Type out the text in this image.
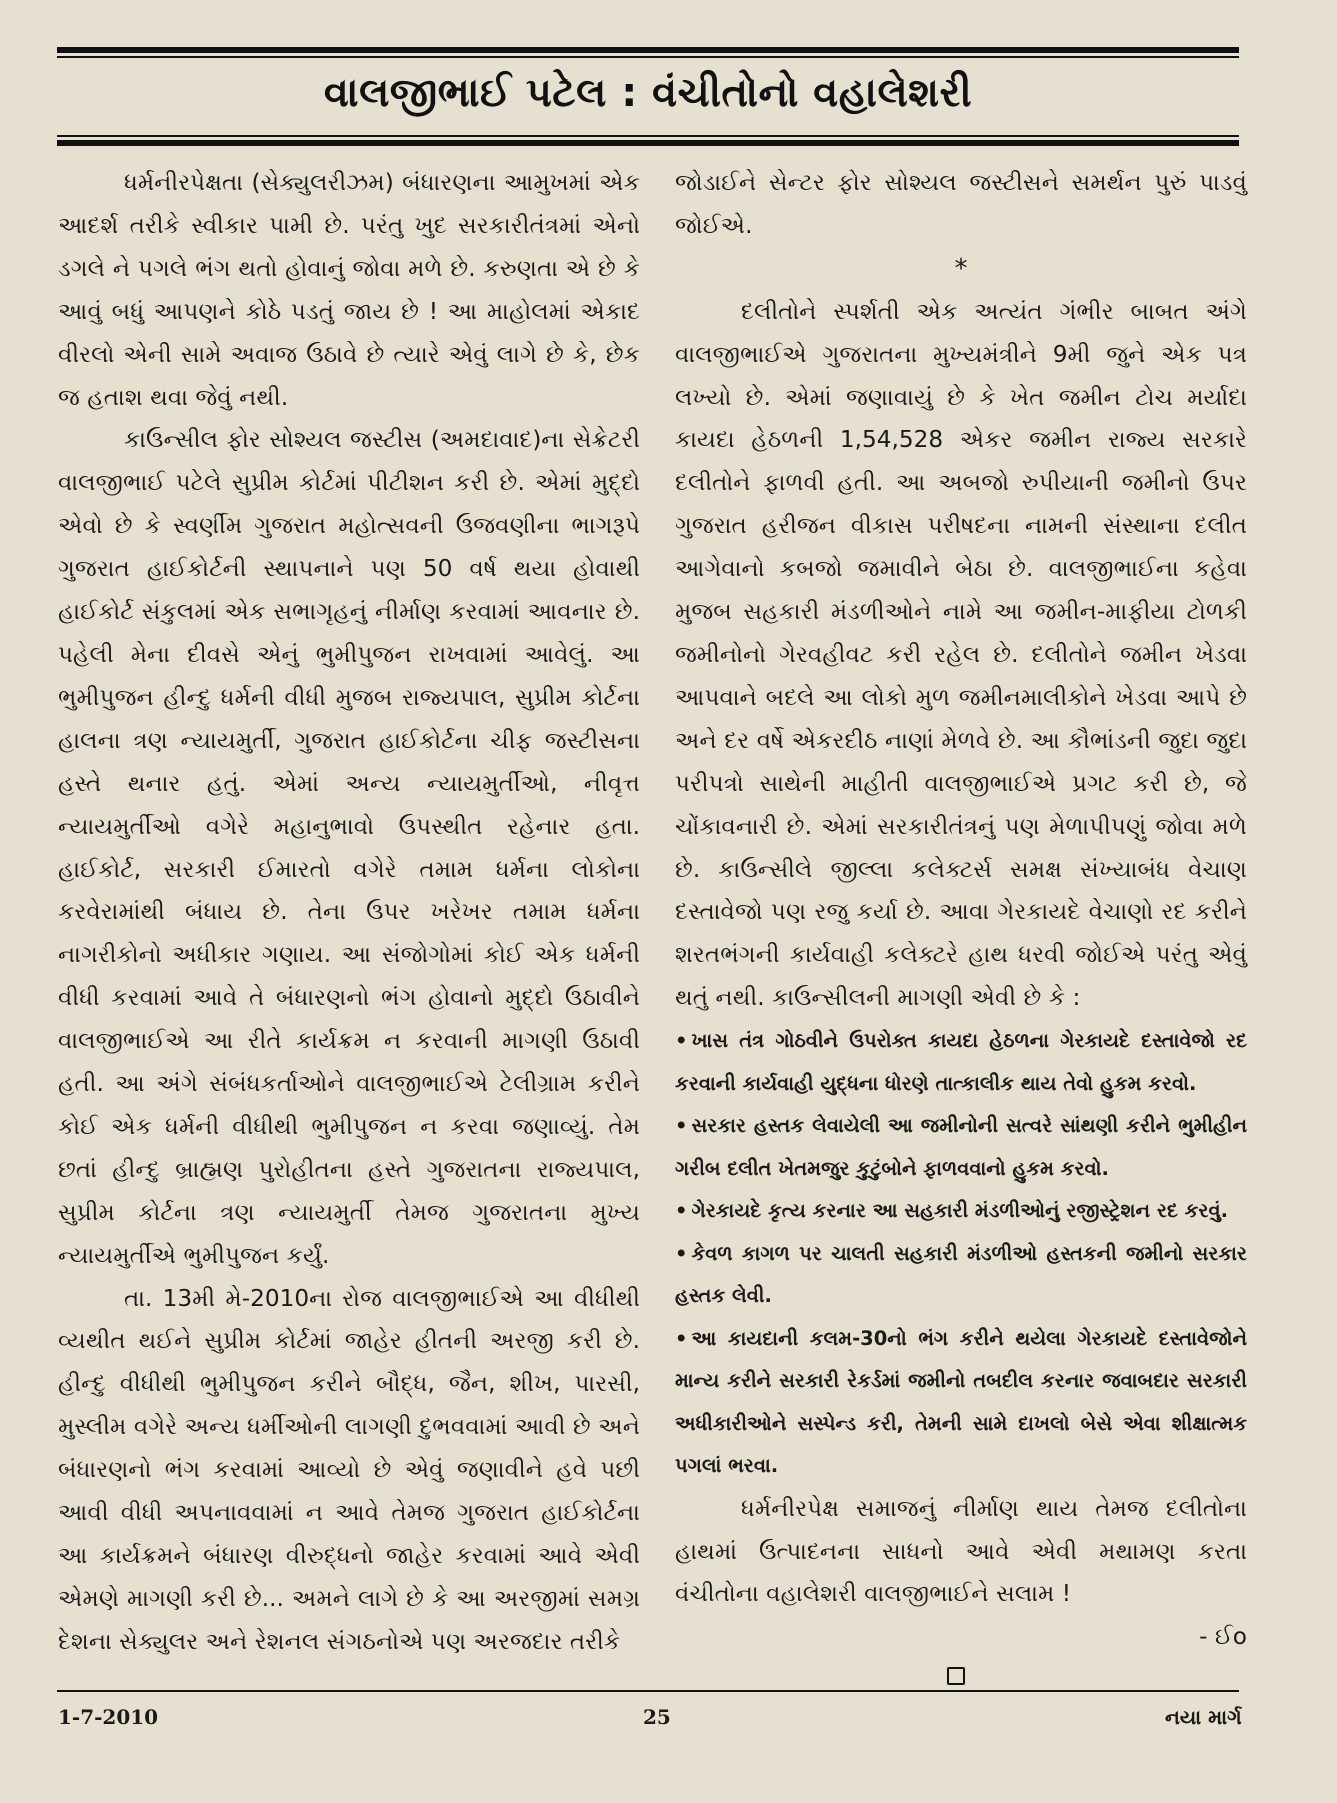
વાલજીભાઈ પટેલ : વંચીતોનો વહાલેશરી

ધર્મનીરપેક્ષતા (સેક્યુલરીઝમ) બંધારણના આમુખમાં એક આદર્શ તરીકે સ્વીકાર પામી છે. પરંતુ ખુદ સરકારીતંત્રમાં એનો ડગલે ને પગલે ભંગ થતો હોવાનું જોવા મળે છે. કરુણતા એ છે કે આવું બધું આપણને કોઠે પડતું જાય છે ! આ માહોલમાં એકાદ વીરલો એની સામે અવાજ ઉઠાવે છે ત્યારે એવું લાગે છે કે, છેક જ હતાશ થવા જેવું નથી.

કાઉન્સીલ ફોર સોશ્યલ જસ્ટીસ (અમદાવાદ)ના સેક્રેટરી વાલજીભાઈ પટેલે સુપ્રીમ કોર્ટમાં પીટીશન કરી છે. એમાં મુદ્દો એવો છે કે સ્વર્ણીમ ગુજરાત મહોત્સવની ઉજવણીના ભાગરૂપે ગુજરાત હાઈકોર્ટની સ્થાપનાને પણ 50 વર્ષ થયા હોવાથી હાઈકોર્ટ સંકુલમાં એક સભાગૃહનું નીર્માણ કરવામાં આવનાર છે. પહેલી મેના દીવસે એનું ભુમીપુજન રાખવામાં આવેલું. આ ભુમીપુજન હીન્દુ ધર્મની વીધી મુજબ રાજ્યપાલ, સુપ્રીમ કોર્ટના હાલના ત્રણ ન્યાયમુર્તી, ગુજરાત હાઈકોર્ટના ચીફ જસ્ટીસના હસ્તે થનાર હતું. એમાં અન્ય ન્યાયમુર્તીઓ, નીવૃત્ત ન્યાયમુર્તીઓ વગેરે મહાનુભાવો ઉપસ્થીત રહેનાર હતા. હાઈકોર્ટ, સરકારી ઈમારતો વગેરે તમામ ધર્મના લોકોના કરવેરામાંથી બંધાય છે. તેના ઉપર ખરેખર તમામ ધર્મના નાગરીકોનો અધીકાર ગણાય. આ સંજોગોમાં કોઈ એક ધર્મની વીધી કરવામાં આવે તે બંધારણનો ભંગ હોવાનો મુદ્દો ઉઠાવીને વાલજીભાઈએ આ રીતે કાર્યક્રમ ન કરવાની માગણી ઉઠાવી હતી. આ અંગે સંબંધકર્તાઓને વાલજીભાઈએ ટેલીગ્રામ કરીને કોઈ એક ધર્મની વીધીથી ભુમીપુજન ન કરવા જણાવ્યું. તેમ છતાં હીન્દુ બ્રાહ્મણ પુરોહીતના હસ્તે ગુજરાતના રાજ્યપાલ, સુપ્રીમ કોર્ટના ત્રણ ન્યાયમુર્તી તેમજ ગુજરાતના મુખ્ય ન્યાયમુર્તીએ ભુમીપુજન કર્યું.

તા. 13મી મે-2010ના રોજ વાલજીભાઈએ આ વીધીથી વ્યથીત થઈને સુપ્રીમ કોર્ટમાં જાહેર હીતની અરજી કરી છે. હીન્દુ વીધીથી ભુમીપુજન કરીને બૌદ્ધ, જૈન, શીખ, પારસી, મુસ્લીમ વગેરે અન્ય ધર્મીઓની લાગણી દુભવવામાં આવી છે અને બંધારણનો ભંગ કરવામાં આવ્યો છે એવું જણાવીને હવે પછી આવી વીધી અપનાવવામાં ન આવે તેમજ ગુજરાત હાઈકોર્ટના આ કાર્યક્રમને બંધારણ વીરુદ્ધનો જાહેર કરવામાં આવે એવી એમણે માગણી કરી છે... અમને લાગે છે કે આ અરજીમાં સમગ્ર દેશના સેક્યુલર અને રેશનલ સંગઠનોએ પણ અરજદાર તરીકે

જોડાઈને સેન્ટર ફોર સોશ્યલ જસ્ટીસને સમર્થન પુરું પાડવું જોઈએ.

*

દલીતોને સ્પર્શતી એક અત્યંત ગંભીર બાબત અંગે વાલજીભાઈએ ગુજરાતના મુખ્યમંત્રીને 9મી જુને એક પત્ર લખ્યો છે. એમાં જણાવાયું છે કે ખેત જમીન ટોચ મર્યાદા કાયદા હેઠળની 1,54,528 એકર જમીન રાજ્ય સરકારે દલીતોને ફાળવી હતી. આ અબજો રુપીયાની જમીનો ઉપર ગુજરાત હરીજન વીકાસ પરીષદના નામની સંસ્થાના દલીત આગેવાનો કબજો જમાવીને બેઠા છે. વાલજીભાઈના કહેવા મુજબ સહકારી મંડળીઓને નામે આ જમીન-માફીયા ટોળકી જમીનોનો ગેરવહીવટ કરી રહેલ છે. દલીતોને જમીન ખેડવા આપવાને બદલે આ લોકો મુળ જમીનમાલીકોને ખેડવા આપે છે અને દર વર્ષે એકરદીઠ નાણાં મેળવે છે. આ કૌભાંડની જુદા જુદા પરીપત્રો સાથેની માહીતી વાલજીભાઈએ પ્રગટ કરી છે, જે ચોંકાવનારી છે. એમાં સરકારીતંત્રનું પણ મેળાપીપણું જોવા મળે છે. કાઉન્સીલે જીલ્લા કલેક્ટર્સ સમક્ષ સંખ્યાબંધ વેચાણ દસ્તાવેજો પણ રજુ કર્યા છે. આવા ગેરકાયદે વેચાણો રદ કરીને શરતભંગની કાર્યવાહી કલેક્ટરે હાથ ધરવી જોઈએ પરંતુ એવું થતું નથી. કાઉન્સીલની માગણી એવી છે કે :

• ખાસ તંત્ર ગોઠવીને ઉપરોક્ત કાયદા હેઠળના ગેરકાયદે દસ્તાવેજો રદ કરવાની કાર્યવાહી યુદ્ધના ધોરણે તાત્કાલીક થાય તેવો હુકમ કરવો.
• સરકાર હસ્તક લેવાયેલી આ જમીનોની સત્વરે સાંથણી કરીને ભુમીહીન ગરીબ દલીત ખેતમજુર કુટુંબોને ફાળવવાનો હુકમ કરવો.
• ગેરકાયદે કૃત્ય કરનાર આ સહકારી મંડળીઓનું રજીસ્ટ્રેશન રદ કરવું.
• કેવળ કાગળ પર ચાલતી સહકારી મંડળીઓ હસ્તકની જમીનો સરકાર હસ્તક લેવી.
• આ કાયદાની કલમ-30નો ભંગ કરીને થયેલા ગેરકાયદે દસ્તાવેજોને માન્ય કરીને સરકારી રેકર્ડમાં જમીનો તબદીલ કરનાર જવાબદાર સરકારી અધીકારીઓને સસ્પેન્ડ કરી, તેમની સામે દાખલો બેસે એવા શીક્ષાત્મક પગલાં ભરવા.

ધર્મનીરપેક્ષ સમાજનું નીર્માણ થાય તેમજ દલીતોના હાથમાં ઉત્પાદનના સાધનો આવે એવી મથામણ કરતા વંચીતોના વહાલેશરી વાલજીભાઈને સલામ !

- ઈo

1-7-2010	25	નયા માર્ગ
